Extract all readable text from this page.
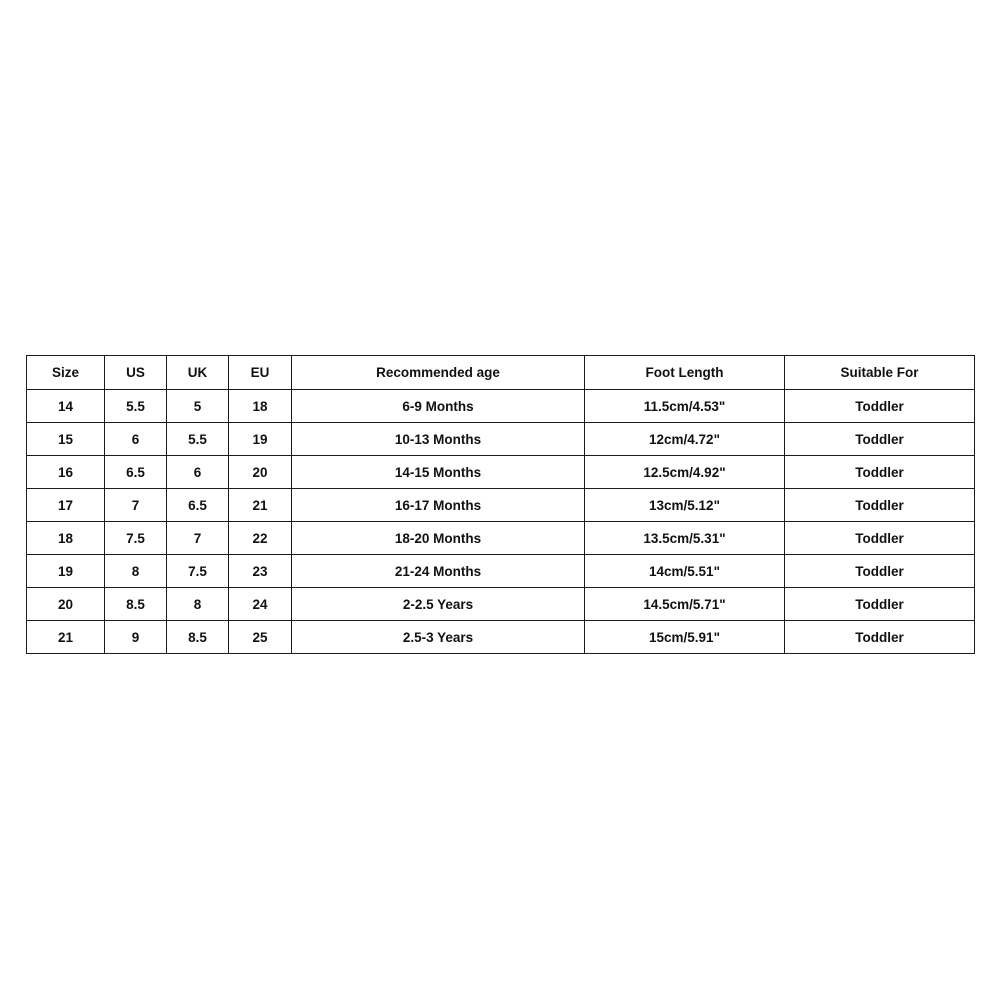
Size	US	UK	EU	Recommended age	Foot Length	Suitable For
14	5.5	5	18	6-9 Months	11.5cm/4.53"	Toddler
15	6	5.5	19	10-13 Months	12cm/4.72"	Toddler
16	6.5	6	20	14-15 Months	12.5cm/4.92"	Toddler
17	7	6.5	21	16-17 Months	13cm/5.12"	Toddler
18	7.5	7	22	18-20 Months	13.5cm/5.31"	Toddler
19	8	7.5	23	21-24 Months	14cm/5.51"	Toddler
20	8.5	8	24	2-2.5 Years	14.5cm/5.71"	Toddler
21	9	8.5	25	2.5-3 Years	15cm/5.91"	Toddler
